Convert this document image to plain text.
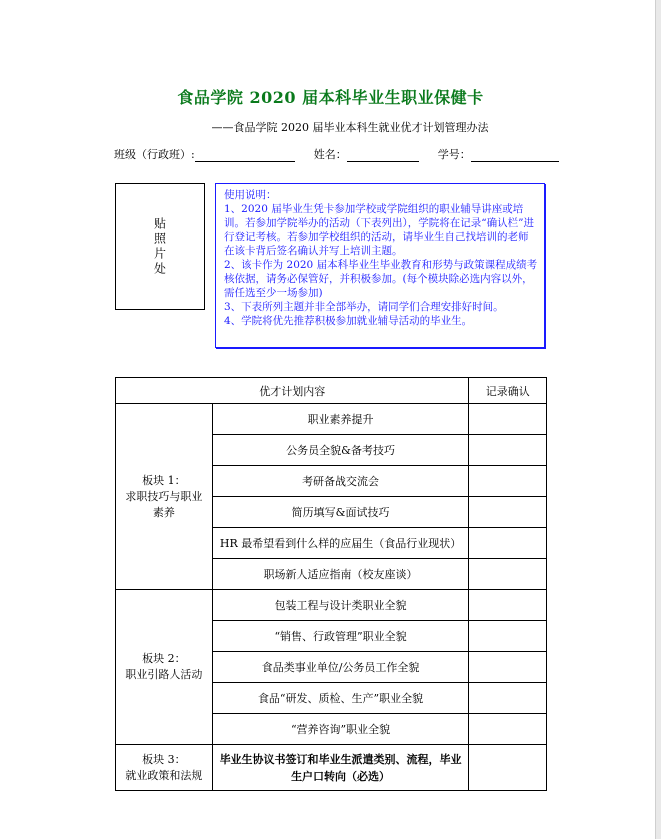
食品学院 2020 届本科毕业生职业保健卡
——食品学院 2020 届毕业本科生就业优才计划管理办法
班级（行政班）:	姓名：	学号：
贴照片处
使用说明：
1、2020 届毕业生凭卡参加学校或学院组织的职业辅导讲座或培训。若参加学院举办的活动（下表列出），学院将在记录“确认栏”进行登记考核。若参加学校组织的活动，请毕业生自己找培训的老师在该卡背后签名确认并写上培训主题。
2、该卡作为 2020 届本科毕业生毕业教育和形势与政策课程成绩考核依据，请务必保管好，并积极参加。(每个模块除必选内容以外，需任选至少一场参加)
3、下表所列主题并非全部举办，请同学们合理安排好时间。
4、学院将优先推荐积极参加就业辅导活动的毕业生。
优才计划内容		记录确认

板块 1：
求职技巧与职业素养	职业素养提升	
	公务员全貌&备考技巧	
	考研备战交流会	
	简历填写&面试技巧	
	HR 最希望看到什么样的应届生（食品行业现状）	
	职场新人适应指南（校友座谈）	

板块 2：
职业引路人活动	包装工程与设计类职业全貌	
	“销售、行政管理”职业全貌	
	食品类事业单位/公务员工作全貌	
	食品“研发、质检、生产”职业全貌	
	“营养咨询”职业全貌	

板块 3：
就业政策和法规	毕业生协议书签订和毕业生派遣类别、流程，毕业生户口转向（必选）	
